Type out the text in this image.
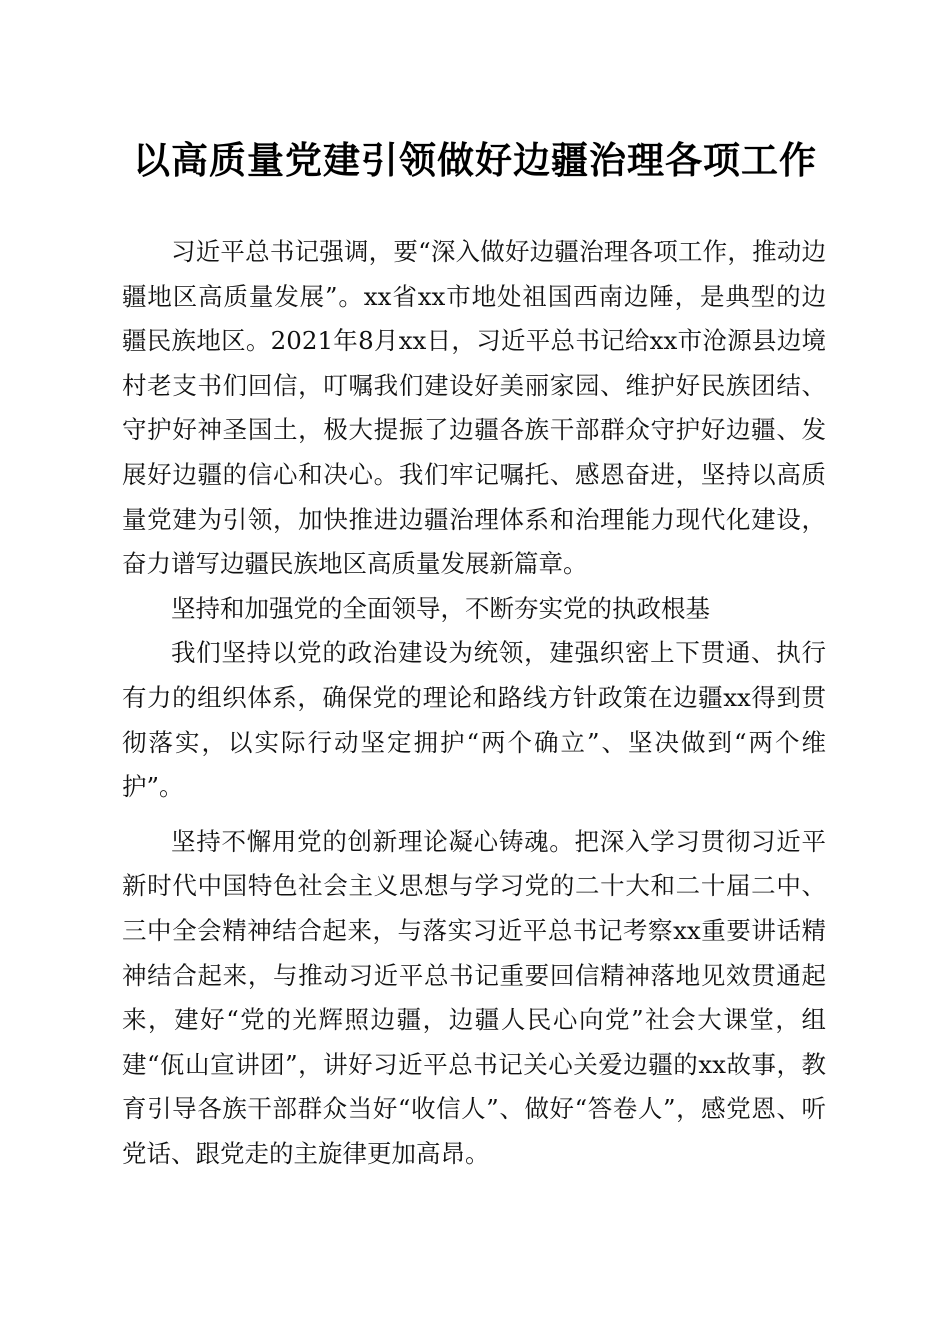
以高质量党建引领做好边疆治理各项工作

习近平总书记强调，要“深入做好边疆治理各项工作，推动边疆地区高质量发展”。xx省xx市地处祖国西南边陲，是典型的边疆民族地区。2021年8月xx日，习近平总书记给xx市沧源县边境村老支书们回信，叮嘱我们建设好美丽家园、维护好民族团结、守护好神圣国土，极大提振了边疆各族干部群众守护好边疆、发展好边疆的信心和决心。我们牢记嘱托、感恩奋进，坚持以高质量党建为引领，加快推进边疆治理体系和治理能力现代化建设，奋力谱写边疆民族地区高质量发展新篇章。

坚持和加强党的全面领导，不断夯实党的执政根基

我们坚持以党的政治建设为统领，建强织密上下贯通、执行有力的组织体系，确保党的理论和路线方针政策在边疆xx得到贯彻落实，以实际行动坚定拥护“两个确立”、坚决做到“两个维护”。

坚持不懈用党的创新理论凝心铸魂。把深入学习贯彻习近平新时代中国特色社会主义思想与学习党的二十大和二十届二中、三中全会精神结合起来，与落实习近平总书记考察xx重要讲话精神结合起来，与推动习近平总书记重要回信精神落地见效贯通起来，建好“党的光辉照边疆，边疆人民心向党”社会大课堂，组建“佤山宣讲团”，讲好习近平总书记关心关爱边疆的xx故事，教育引导各族干部群众当好“收信人”、做好“答卷人”，感党恩、听党话、跟党走的主旋律更加高昂。
